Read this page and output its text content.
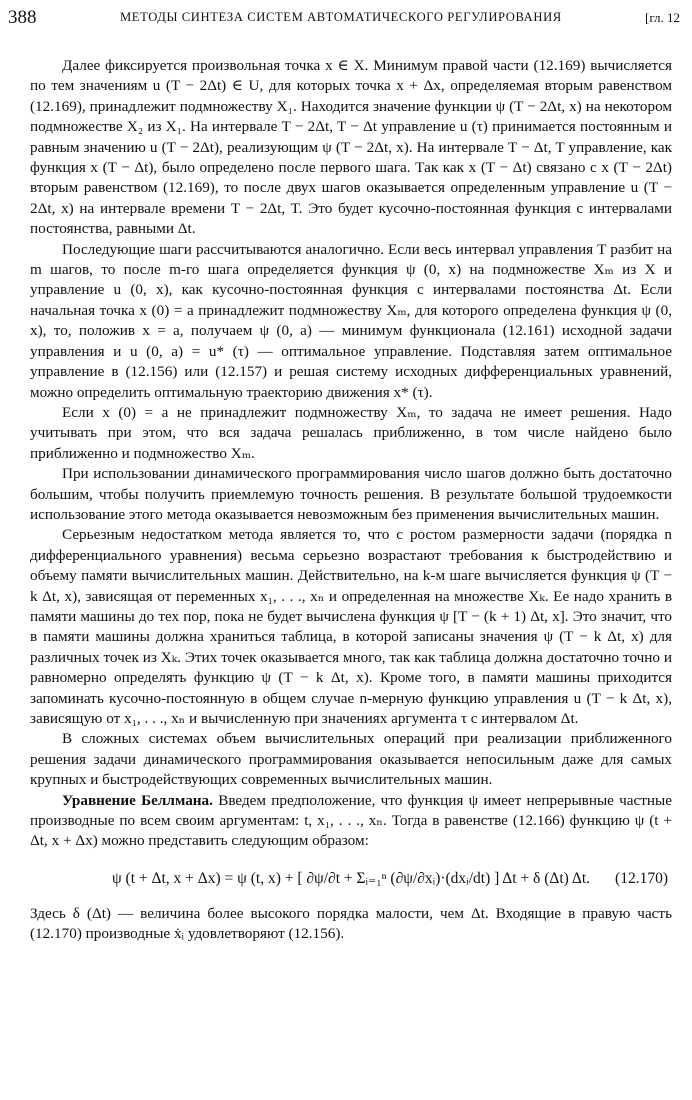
388	МЕТОДЫ СИНТЕЗА СИСТЕМ АВТОМАТИЧЕСКОГО РЕГУЛИРОВАНИЯ	[гл. 12

Далее фиксируется произвольная точка x ∈ X. Минимум правой части (12.169) вычисляется по тем значениям u (T − 2Δt) ∈ U, для которых точка x + Δx, определяемая вторым равенством (12.169), принадлежит подмножеству X₁. Находится значение функции ψ (T − 2Δt, x) на некотором подмножестве X₂ из X₁. На интервале T − 2Δt, T − Δt управление u (τ) принимается постоянным и равным значению u (T − 2Δt), реализующим ψ (T − 2Δt, x). На интервале T − Δt, T управление, как функция x (T − Δt), было определено после первого шага. Так как x (T − Δt) связано с x (T − 2Δt) вторым равенством (12.169), то после двух шагов оказывается определенным управление u (T − 2Δt, x) на интервале времени T − 2Δt, T. Это будет кусочно-постоянная функция с интервалами постоянства, равными Δt.

Последующие шаги рассчитываются аналогично. Если весь интервал управления T разбит на m шагов, то после m-го шага определяется функция ψ (0, x) на подмножестве Xₘ из X и управление u (0, x), как кусочно-постоянная функция с интервалами постоянства Δt. Если начальная точка x (0) = a принадлежит подмножеству Xₘ, для которого определена функция ψ (0, x), то, положив x = a, получаем ψ (0, a) — минимум функционала (12.161) исходной задачи управления и u (0, a) = u* (τ) — оптимальное управление. Подставляя затем оптимальное управление в (12.156) или (12.157) и решая систему исходных дифференциальных уравнений, можно определить оптимальную траекторию движения x* (τ).

Если x (0) = a не принадлежит подмножеству Xₘ, то задача не имеет решения. Надо учитывать при этом, что вся задача решалась приближенно, в том числе найдено было приближенно и подмножество Xₘ.

При использовании динамического программирования число шагов должно быть достаточно большим, чтобы получить приемлемую точность решения. В результате большой трудоемкости использование этого метода оказывается невозможным без применения вычислительных машин.

Серьезным недостатком метода является то, что с ростом размерности задачи (порядка n дифференциального уравнения) весьма серьезно возрастают требования к быстродействию и объему памяти вычислительных машин. Действительно, на k-м шаге вычисляется функция ψ (T − k Δt, x), зависящая от переменных x₁, . . ., xₙ и определенная на множестве Xₖ. Ее надо хранить в памяти машины до тех пор, пока не будет вычислена функция ψ [T − (k + 1) Δt, x]. Это значит, что в памяти машины должна храниться таблица, в которой записаны значения ψ (T − k Δt, x) для различных точек из Xₖ. Этих точек оказывается много, так как таблица должна достаточно точно и равномерно определять функцию ψ (T − k Δt, x). Кроме того, в памяти машины приходится запоминать кусочно-постоянную в общем случае n-мерную функцию управления u (T − k Δt, x), зависящую от x₁, . . ., xₙ и вычисленную при значениях аргумента τ с интервалом Δt.

В сложных системах объем вычислительных операций при реализации приближенного решения задачи динамического программирования оказывается непосильным даже для самых крупных и быстродействующих современных вычислительных машин.

Уравнение Беллмана. Введем предположение, что функция ψ имеет непрерывные частные производные по всем своим аргументам: t, x₁, . . ., xₙ. Тогда в равенстве (12.166) функцию ψ (t + Δt, x + Δx) можно представить следующим образом:

ψ (t + Δt, x + Δx) = ψ (t, x) + [ ∂ψ/∂t + Σᵢ₌₁ⁿ (∂ψ/∂xᵢ)·(dxᵢ/dt) ] Δt + δ (Δt) Δt. (12.170)

Здесь δ (Δt) — величина более высокого порядка малости, чем Δt. Входящие в правую часть (12.170) производные ẋᵢ удовлетворяют (12.156).
